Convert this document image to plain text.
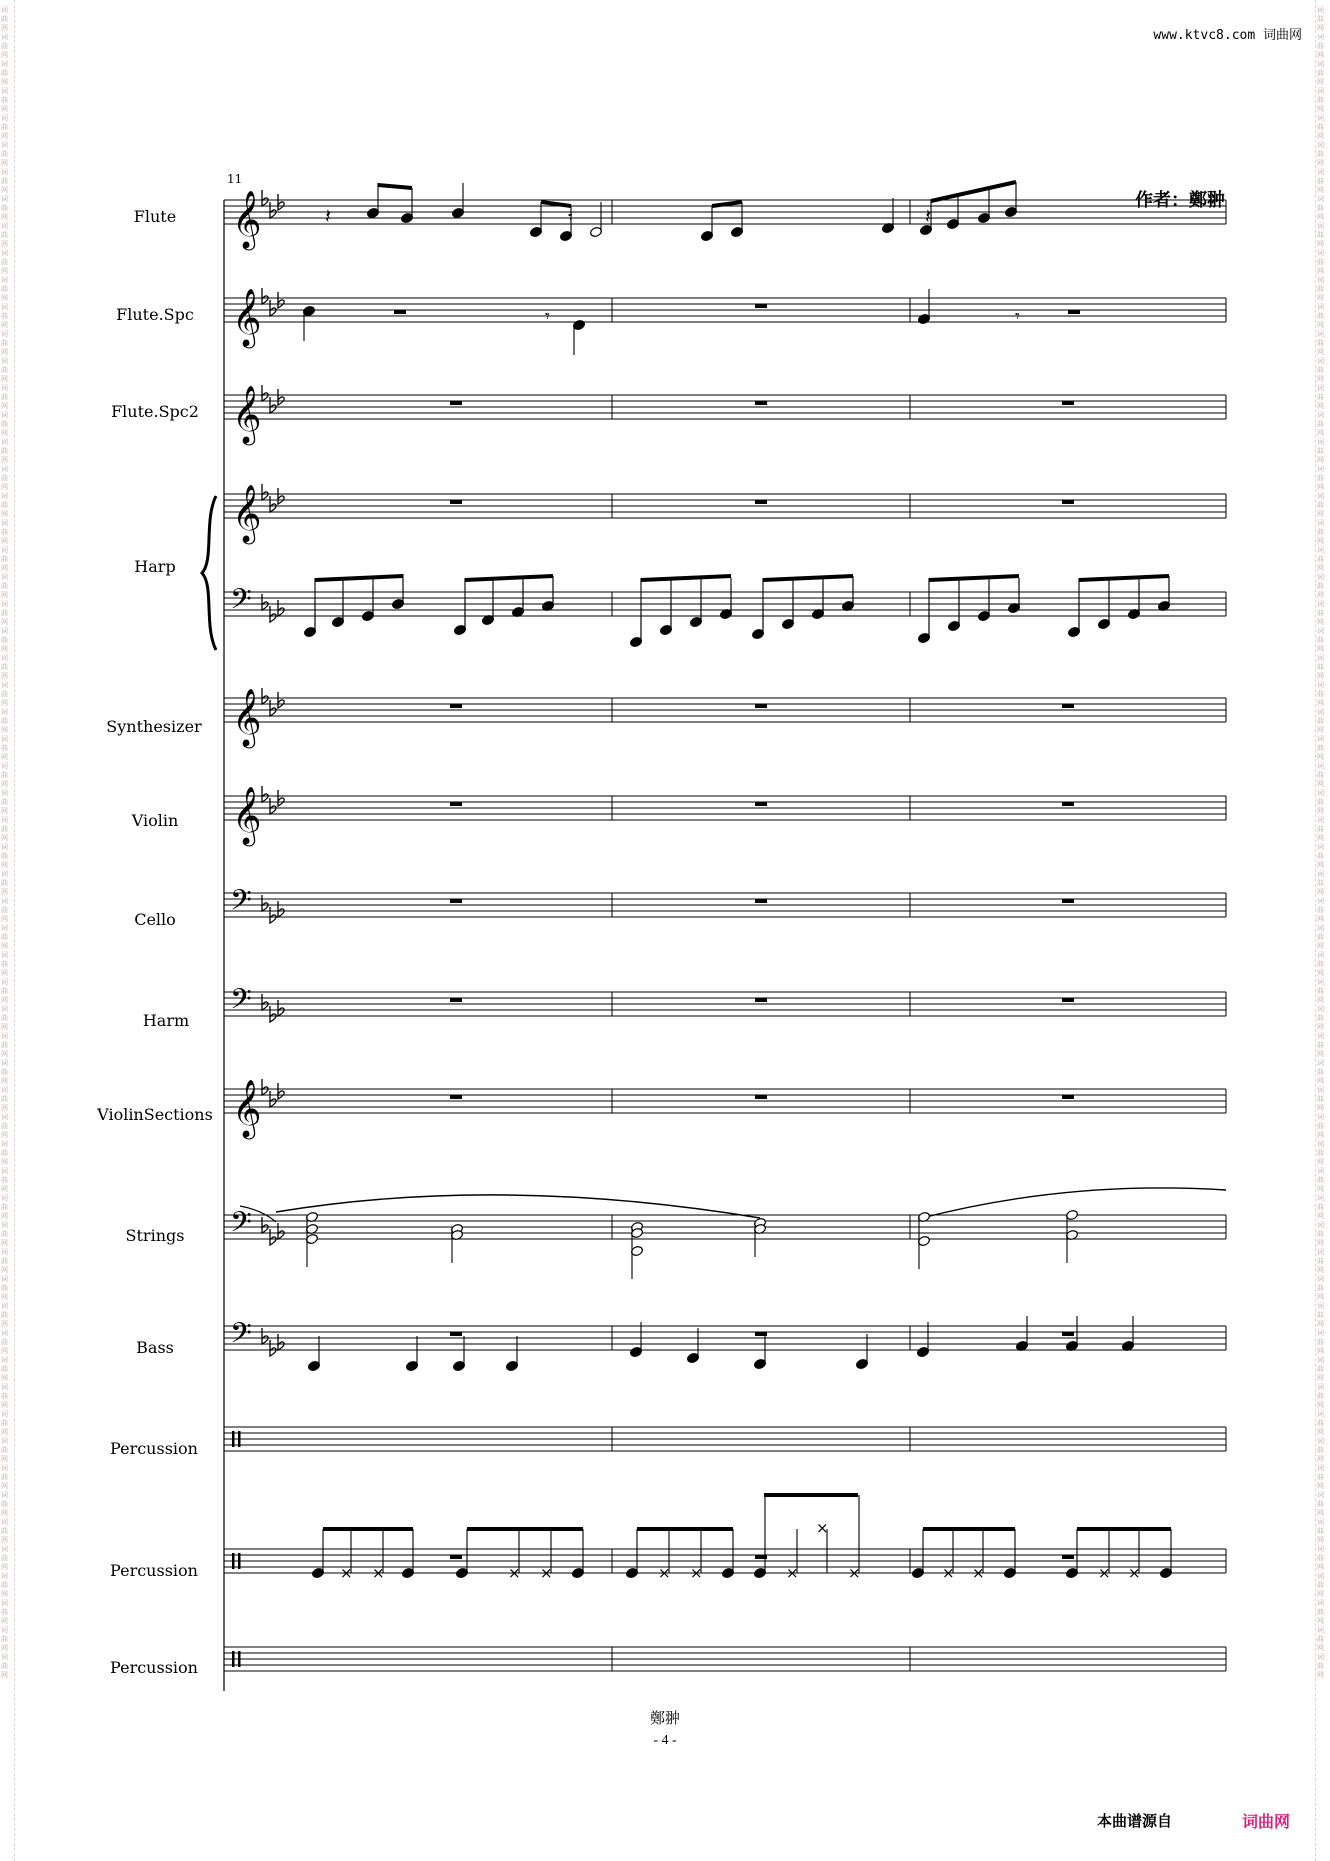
词曲网词曲网词曲网词曲网词曲网词曲网词曲网词曲网词曲网词曲网词曲网词曲网词曲网词曲网词曲网词曲网词曲网词曲网词曲网词曲网词曲网词曲网词曲网词曲网词曲网词曲网词曲网词曲网词曲网词曲网词曲网词曲网词曲网词曲网词曲网词曲网词曲网词曲网词曲网词曲网词曲网词曲网词曲网词曲网词曲网词曲网词曲网词曲网词曲网词曲网词曲网词曲网词曲网词曲网词曲网词曲网词曲网词曲网词曲网词曲网词曲网词曲网
词曲网词曲网词曲网词曲网词曲网词曲网词曲网词曲网词曲网词曲网词曲网词曲网词曲网词曲网词曲网词曲网词曲网词曲网词曲网词曲网词曲网词曲网词曲网词曲网词曲网词曲网词曲网词曲网词曲网词曲网词曲网词曲网词曲网词曲网词曲网词曲网词曲网词曲网词曲网词曲网词曲网词曲网词曲网词曲网词曲网词曲网词曲网词曲网词曲网词曲网词曲网词曲网词曲网词曲网词曲网词曲网词曲网词曲网词曲网词曲网词曲网词曲网
www.ktvc8.com 词曲网
Flute
Flute.Spc
Flute.Spc2
Harp
Synthesizer
Violin
Cello
Harm
ViolinSections
Strings
Bass
Percussion
Percussion
Percussion
11
𝄞
𝄞
𝄞
𝄞
𝄢
𝄞
𝄞
𝄢
𝄢
𝄞
𝄢
𝄢
𝄽	𝄽
𝄾
𝄾	𝄾
× ×	× ×	× ×	×
×
×	× ×	× ×
作者：鄭翀
鄭翀
- 4 -
本曲谱源自	词曲网
